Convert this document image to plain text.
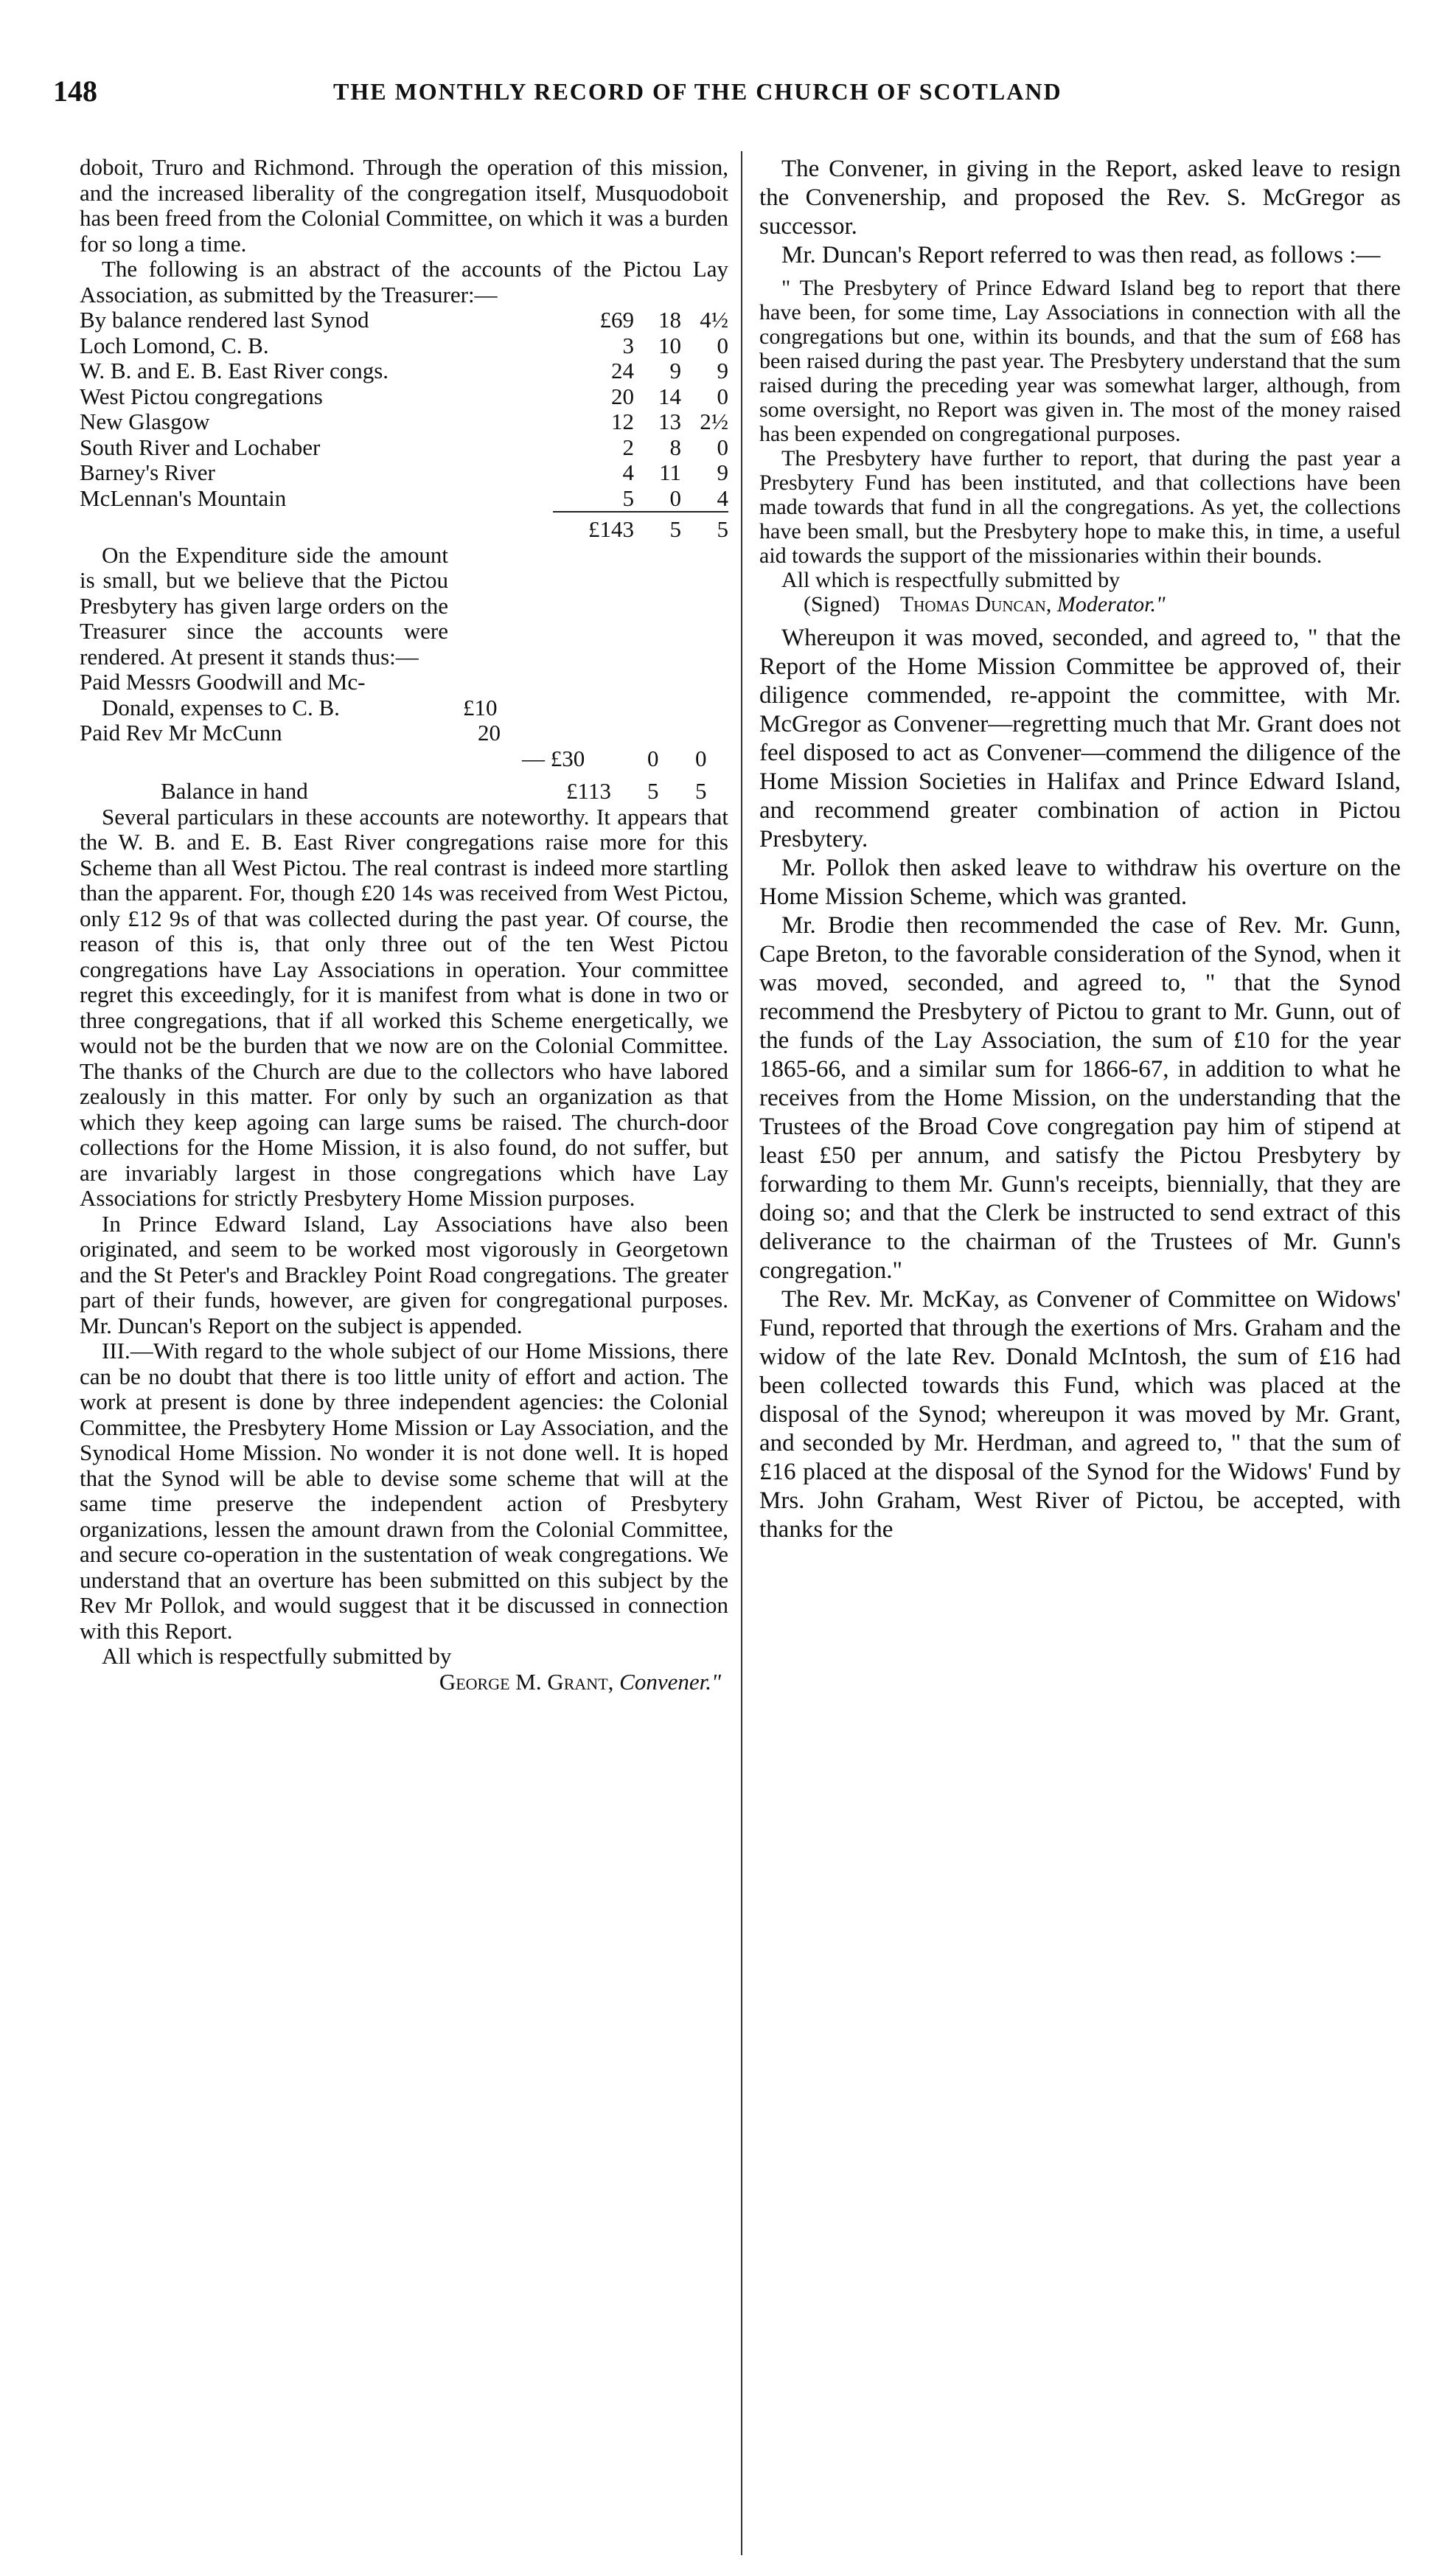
148	THE MONTHLY RECORD OF THE CHURCH OF SCOTLAND

doboit, Truro and Richmond. Through the operation of this mission, and the increased liberality of the congregation itself, Musquodoboit has been freed from the Colonial Committee, on which it was a burden for so long a time.

The following is an abstract of the accounts of the Pictou Lay Association, as submitted by the Treasurer:—

By balance rendered last Synod	£69	18	4½
Loch Lomond, C. B.	3	10	0
W. B. and E. B. East River congs.	24	9	9
West Pictou congregations	20	14	0
New Glasgow	12	13	2½
South River and Lochaber	2	8	0
Barney's River	4	11	9
McLennan's Mountain	5	0	4
	£143	5	5

On the Expenditure side the amount is small, but we believe that the Pictou Presbytery has given large orders on the Treasurer since the accounts were rendered. At present it stands thus:—

Paid Messrs Goodwill and Mc-
Donald, expenses to C. B.	£10
Paid Rev Mr McCunn	20
— £30	0 0
Balance in hand	£113 5 5

Several particulars in these accounts are noteworthy. It appears that the W. B. and E. B. East River congregations raise more for this Scheme than all West Pictou. The real contrast is indeed more startling than the apparent. For, though £20 14s was received from West Pictou, only £12 9s of that was collected during the past year. Of course, the reason of this is, that only three out of the ten West Pictou congregations have Lay Associations in operation. Your committee regret this exceedingly, for it is manifest from what is done in two or three congregations, that if all worked this Scheme energetically, we would not be the burden that we now are on the Colonial Committee. The thanks of the Church are due to the collectors who have labored zealously in this matter. For only by such an organization as that which they keep agoing can large sums be raised. The church-door collections for the Home Mission, it is also found, do not suffer, but are invariably largest in those congregations which have Lay Associations for strictly Presbytery Home Mission purposes.

In Prince Edward Island, Lay Associations have also been originated, and seem to be worked most vigorously in Georgetown and the St Peter's and Brackley Point Road congregations. The greater part of their funds, however, are given for congregational purposes. Mr. Duncan's Report on the subject is appended.

III.—With regard to the whole subject of our Home Missions, there can be no doubt that there is too little unity of effort and action. The work at present is done by three independent agencies: the Colonial Committee, the Presbytery Home Mission or Lay Association, and the Synodical Home Mission. No wonder it is not done well. It is hoped that the Synod will be able to devise some scheme that will at the same time preserve the independent action of Presbytery organizations, lessen the amount drawn from the Colonial Committee, and secure co-operation in the sustentation of weak congregations. We understand that an overture has been submitted on this subject by the Rev Mr Pollok, and would suggest that it be discussed in connection with this Report.

All which is respectfully submitted by

George M. Grant, Convener."

The Convener, in giving in the Report, asked leave to resign the Convenership, and proposed the Rev. S. McGregor as successor.

Mr. Duncan's Report referred to was then read, as follows :—

" The Presbytery of Prince Edward Island beg to report that there have been, for some time, Lay Associations in connection with all the congregations but one, within its bounds, and that the sum of £68 has been raised during the past year. The Presbytery understand that the sum raised during the preceding year was somewhat larger, although, from some oversight, no Report was given in. The most of the money raised has been expended on congregational purposes.

The Presbytery have further to report, that during the past year a Presbytery Fund has been instituted, and that collections have been made towards that fund in all the congregations. As yet, the collections have been small, but the Presbytery hope to make this, in time, a useful aid towards the support of the missionaries within their bounds.

All which is respectfully submitted by

(Signed) Thomas Duncan, Moderator."

Whereupon it was moved, seconded, and agreed to, " that the Report of the Home Mission Committee be approved of, their diligence commended, re-appoint the committee, with Mr. McGregor as Convener—regretting much that Mr. Grant does not feel disposed to act as Convener—commend the diligence of the Home Mission Societies in Halifax and Prince Edward Island, and recommend greater combination of action in Pictou Presbytery.

Mr. Pollok then asked leave to withdraw his overture on the Home Mission Scheme, which was granted.

Mr. Brodie then recommended the case of Rev. Mr. Gunn, Cape Breton, to the favorable consideration of the Synod, when it was moved, seconded, and agreed to, " that the Synod recommend the Presbytery of Pictou to grant to Mr. Gunn, out of the funds of the Lay Association, the sum of £10 for the year 1865-66, and a similar sum for 1866-67, in addition to what he receives from the Home Mission, on the understanding that the Trustees of the Broad Cove congregation pay him of stipend at least £50 per annum, and satisfy the Pictou Presbytery by forwarding to them Mr. Gunn's receipts, biennially, that they are doing so; and that the Clerk be instructed to send extract of this deliverance to the chairman of the Trustees of Mr. Gunn's congregation."

The Rev. Mr. McKay, as Convener of Committee on Widows' Fund, reported that through the exertions of Mrs. Graham and the widow of the late Rev. Donald McIntosh, the sum of £16 had been collected towards this Fund, which was placed at the disposal of the Synod; whereupon it was moved by Mr. Grant, and seconded by Mr. Herdman, and agreed to, " that the sum of £16 placed at the disposal of the Synod for the Widows' Fund by Mrs. John Graham, West River of Pictou, be accepted, with thanks for the
